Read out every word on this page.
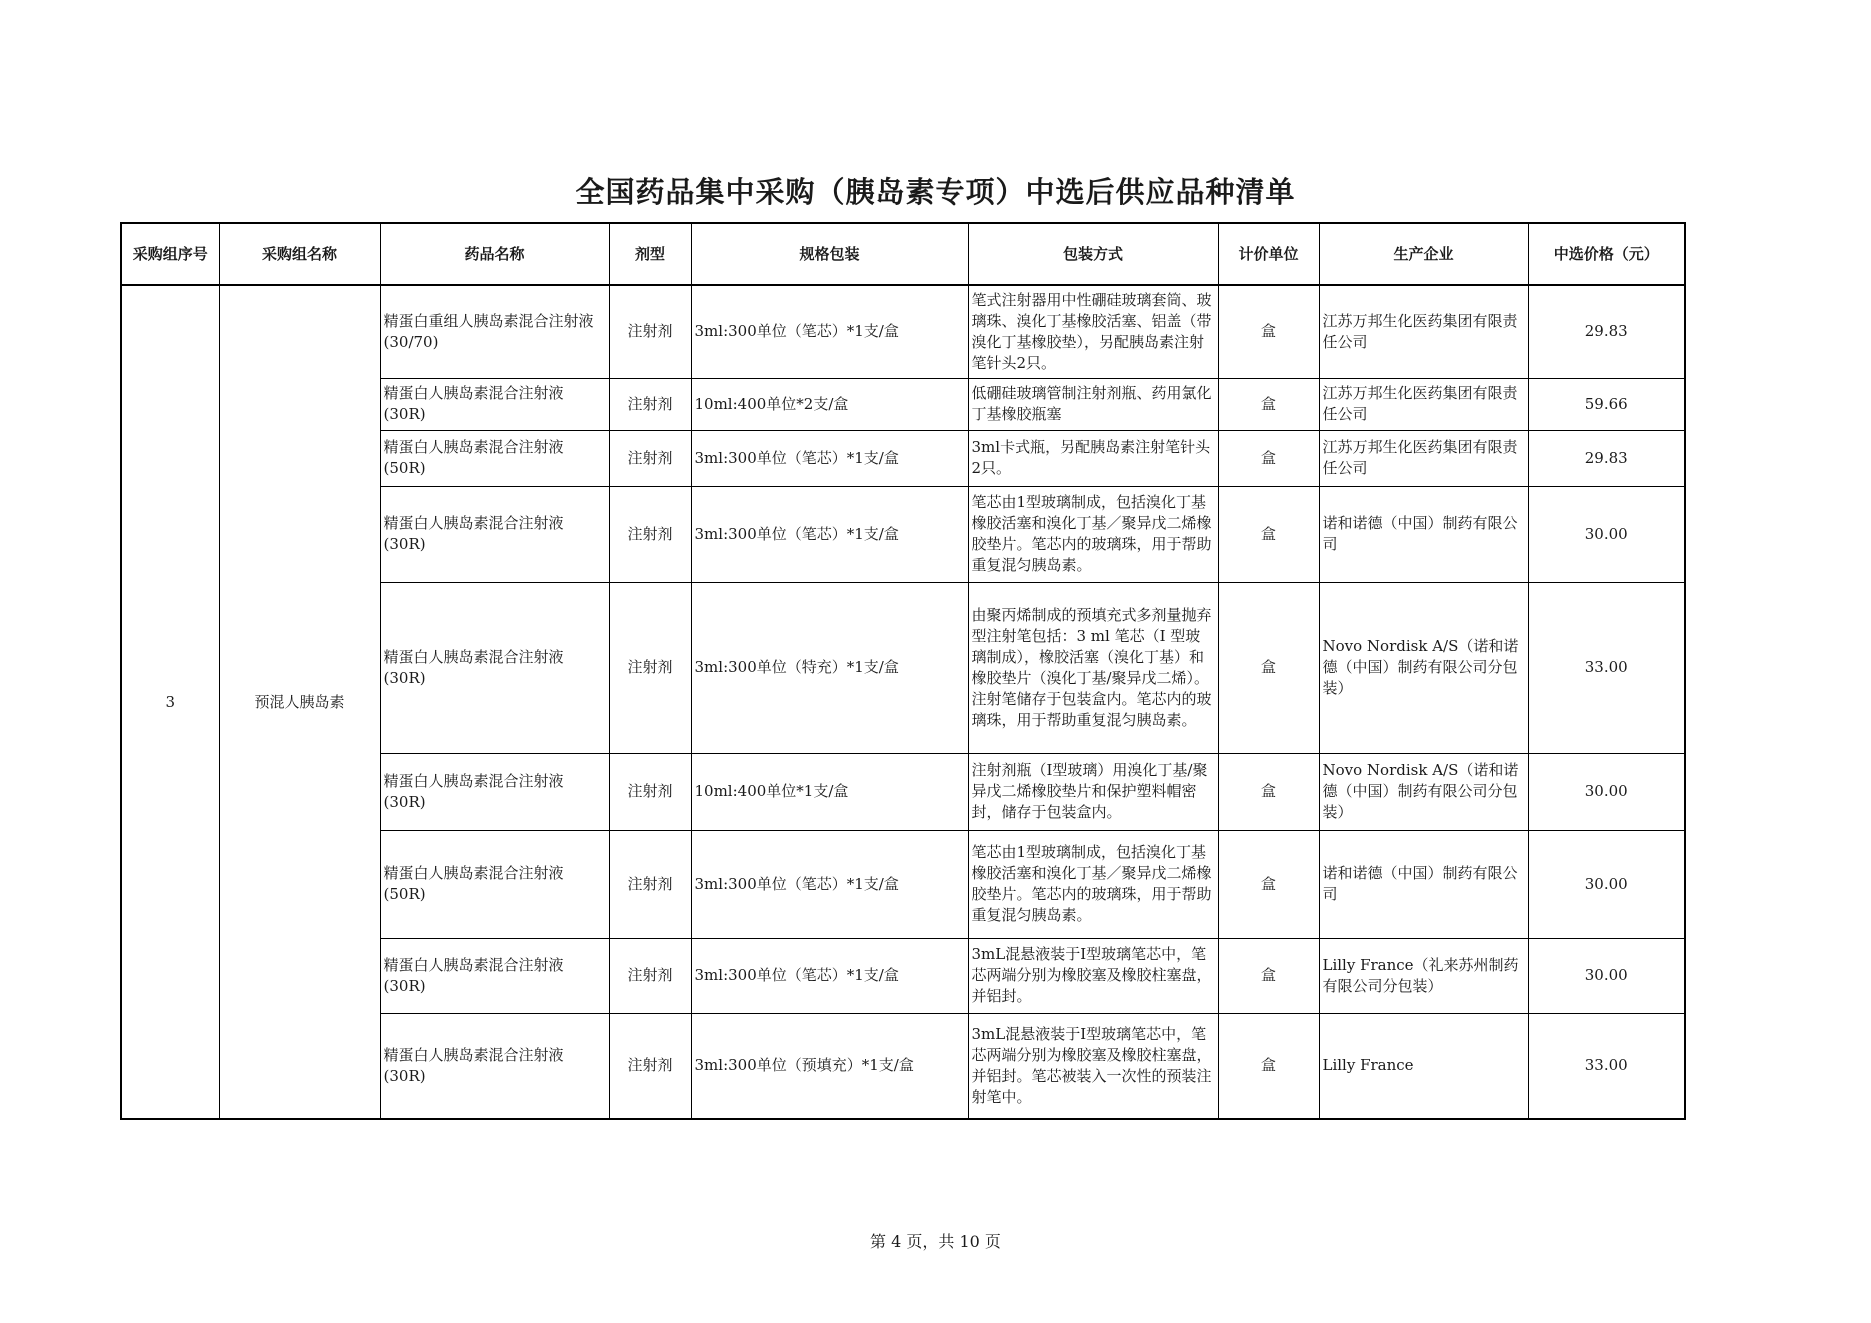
全国药品集中采购（胰岛素专项）中选后供应品种清单
采购组序号	采购组名称	药品名称	剂型	规格包装	包装方式	计价单位	生产企业	中选价格（元）
3	预混人胰岛素	精蛋白重组人胰岛素混合注射液(30/70)	注射剂	3ml:300单位（笔芯）*1支/盒	笔式注射器用中性硼硅玻璃套筒、玻璃珠、溴化丁基橡胶活塞、铝盖（带溴化丁基橡胶垫），另配胰岛素注射笔针头2只。	盒	江苏万邦生化医药集团有限责任公司	29.83
		精蛋白人胰岛素混合注射液(30R)	注射剂	10ml:400单位*2支/盒	低硼硅玻璃管制注射剂瓶、药用氯化丁基橡胶瓶塞	盒	江苏万邦生化医药集团有限责任公司	59.66
		精蛋白人胰岛素混合注射液(50R)	注射剂	3ml:300单位（笔芯）*1支/盒	3ml卡式瓶，另配胰岛素注射笔针头2只。	盒	江苏万邦生化医药集团有限责任公司	29.83
		精蛋白人胰岛素混合注射液(30R)	注射剂	3ml:300单位（笔芯）*1支/盒	笔芯由1型玻璃制成，包括溴化丁基橡胶活塞和溴化丁基／聚异戊二烯橡胶垫片。笔芯内的玻璃珠，用于帮助重复混匀胰岛素。	盒	诺和诺德（中国）制药有限公司	30.00
		精蛋白人胰岛素混合注射液(30R)	注射剂	3ml:300单位（特充）*1支/盒	由聚丙烯制成的预填充式多剂量抛弃型注射笔包括：3 ml 笔芯（I 型玻璃制成），橡胶活塞（溴化丁基）和橡胶垫片（溴化丁基/聚异戊二烯）。注射笔储存于包装盒内。笔芯内的玻璃珠，用于帮助重复混匀胰岛素。	盒	Novo Nordisk A/S（诺和诺德（中国）制药有限公司分包装）	33.00
		精蛋白人胰岛素混合注射液(30R)	注射剂	10ml:400单位*1支/盒	注射剂瓶（I型玻璃）用溴化丁基/聚异戊二烯橡胶垫片和保护塑料帽密封，储存于包装盒内。	盒	Novo Nordisk A/S（诺和诺德（中国）制药有限公司分包装）	30.00
		精蛋白人胰岛素混合注射液(50R)	注射剂	3ml:300单位（笔芯）*1支/盒	笔芯由1型玻璃制成，包括溴化丁基橡胶活塞和溴化丁基／聚异戊二烯橡胶垫片。笔芯内的玻璃珠，用于帮助重复混匀胰岛素。	盒	诺和诺德（中国）制药有限公司	30.00
		精蛋白人胰岛素混合注射液(30R)	注射剂	3ml:300单位（笔芯）*1支/盒	3mL混悬液装于Ⅰ型玻璃笔芯中，笔芯两端分别为橡胶塞及橡胶柱塞盘，并铝封。	盒	Lilly France（礼来苏州制药有限公司分包装）	30.00
		精蛋白人胰岛素混合注射液(30R)	注射剂	3ml:300单位（预填充）*1支/盒	3mL混悬液装于Ⅰ型玻璃笔芯中，笔芯两端分别为橡胶塞及橡胶柱塞盘， 并铝封。笔芯被装入一次性的预装注射笔中。	盒	Lilly France	33.00
第 4 页，共 10 页
